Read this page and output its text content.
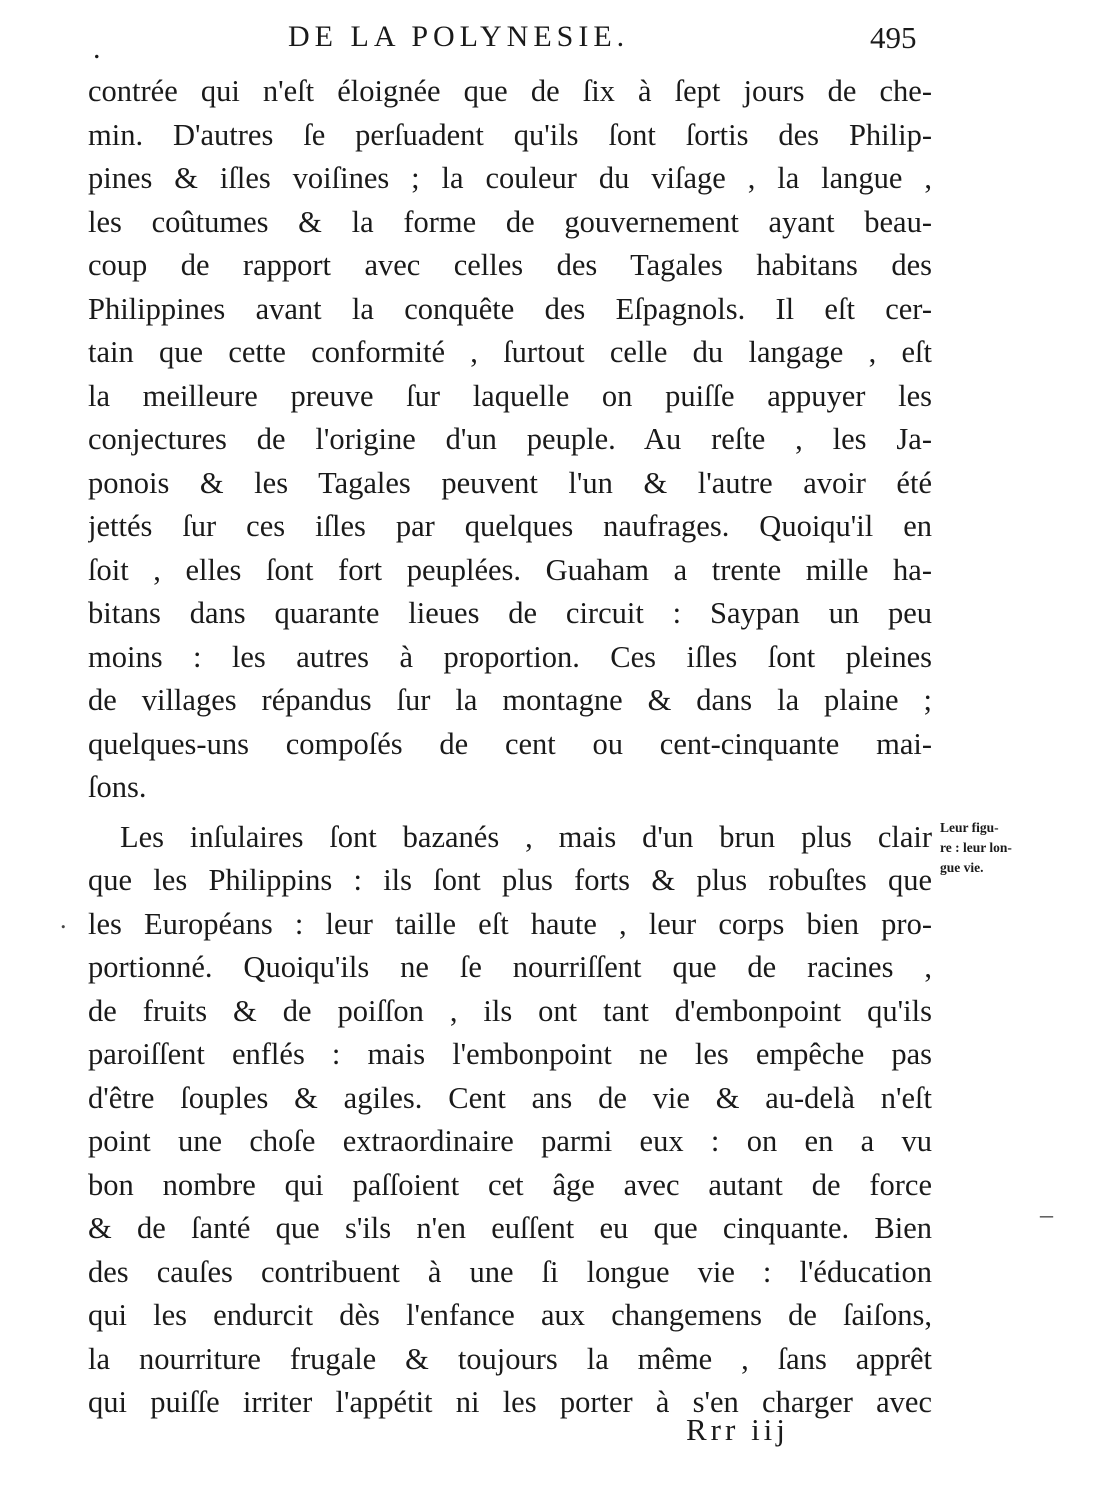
.	DE LA POLYNESIE.	495
contrée qui n'eſt éloignée que de ſix à ſept jours de che-
min. D'autres ſe perſuadent qu'ils ſont ſortis des Philip-
pines & iſles voiſines ; la couleur du viſage , la langue ,
les coûtumes & la forme de gouvernement ayant beau-
coup de rapport avec celles des Tagales habitans des
Philippines avant la conquête des Eſpagnols. Il eſt cer-
tain que cette conformité , ſurtout celle du langage , eſt
la meilleure preuve ſur laquelle on puiſſe appuyer les
conjectures de l'origine d'un peuple. Au reſte , les Ja-
ponois & les Tagales peuvent l'un & l'autre avoir été
jettés ſur ces iſles par quelques naufrages. Quoiqu'il en
ſoit , elles ſont fort peuplées. Guaham a trente mille ha-
bitans dans quarante lieues de circuit : Saypan un peu
moins : les autres à proportion. Ces iſles ſont pleines
de villages répandus ſur la montagne & dans la plaine ;
quelques-uns compoſés de cent ou cent-cinquante mai-
ſons.
Les inſulaires ſont bazanés , mais d'un brun plus clair
que les Philippins : ils ſont plus forts & plus robuſtes que
les Européans : leur taille eſt haute , leur corps bien pro-
portionné. Quoiqu'ils ne ſe nourriſſent que de racines ,
de fruits & de poiſſon , ils ont tant d'embonpoint qu'ils
paroiſſent enflés : mais l'embonpoint ne les empêche pas
d'être ſouples & agiles. Cent ans de vie & au-delà n'eſt
point une choſe extraordinaire parmi eux : on en a vu
bon nombre qui paſſoient cet âge avec autant de force
& de ſanté que s'ils n'en euſſent eu que cinquante. Bien
des cauſes contribuent à une ſi longue vie : l'éducation
qui les endurcit dès l'enfance aux changemens de ſaiſons,
la nourriture frugale & toujours la même , ſans apprêt
qui puiſſe irriter l'appétit ni les porter à s'en charger avec
Leur figu-
re : leur lon-
gue vie.
.
–
Rrr iij
